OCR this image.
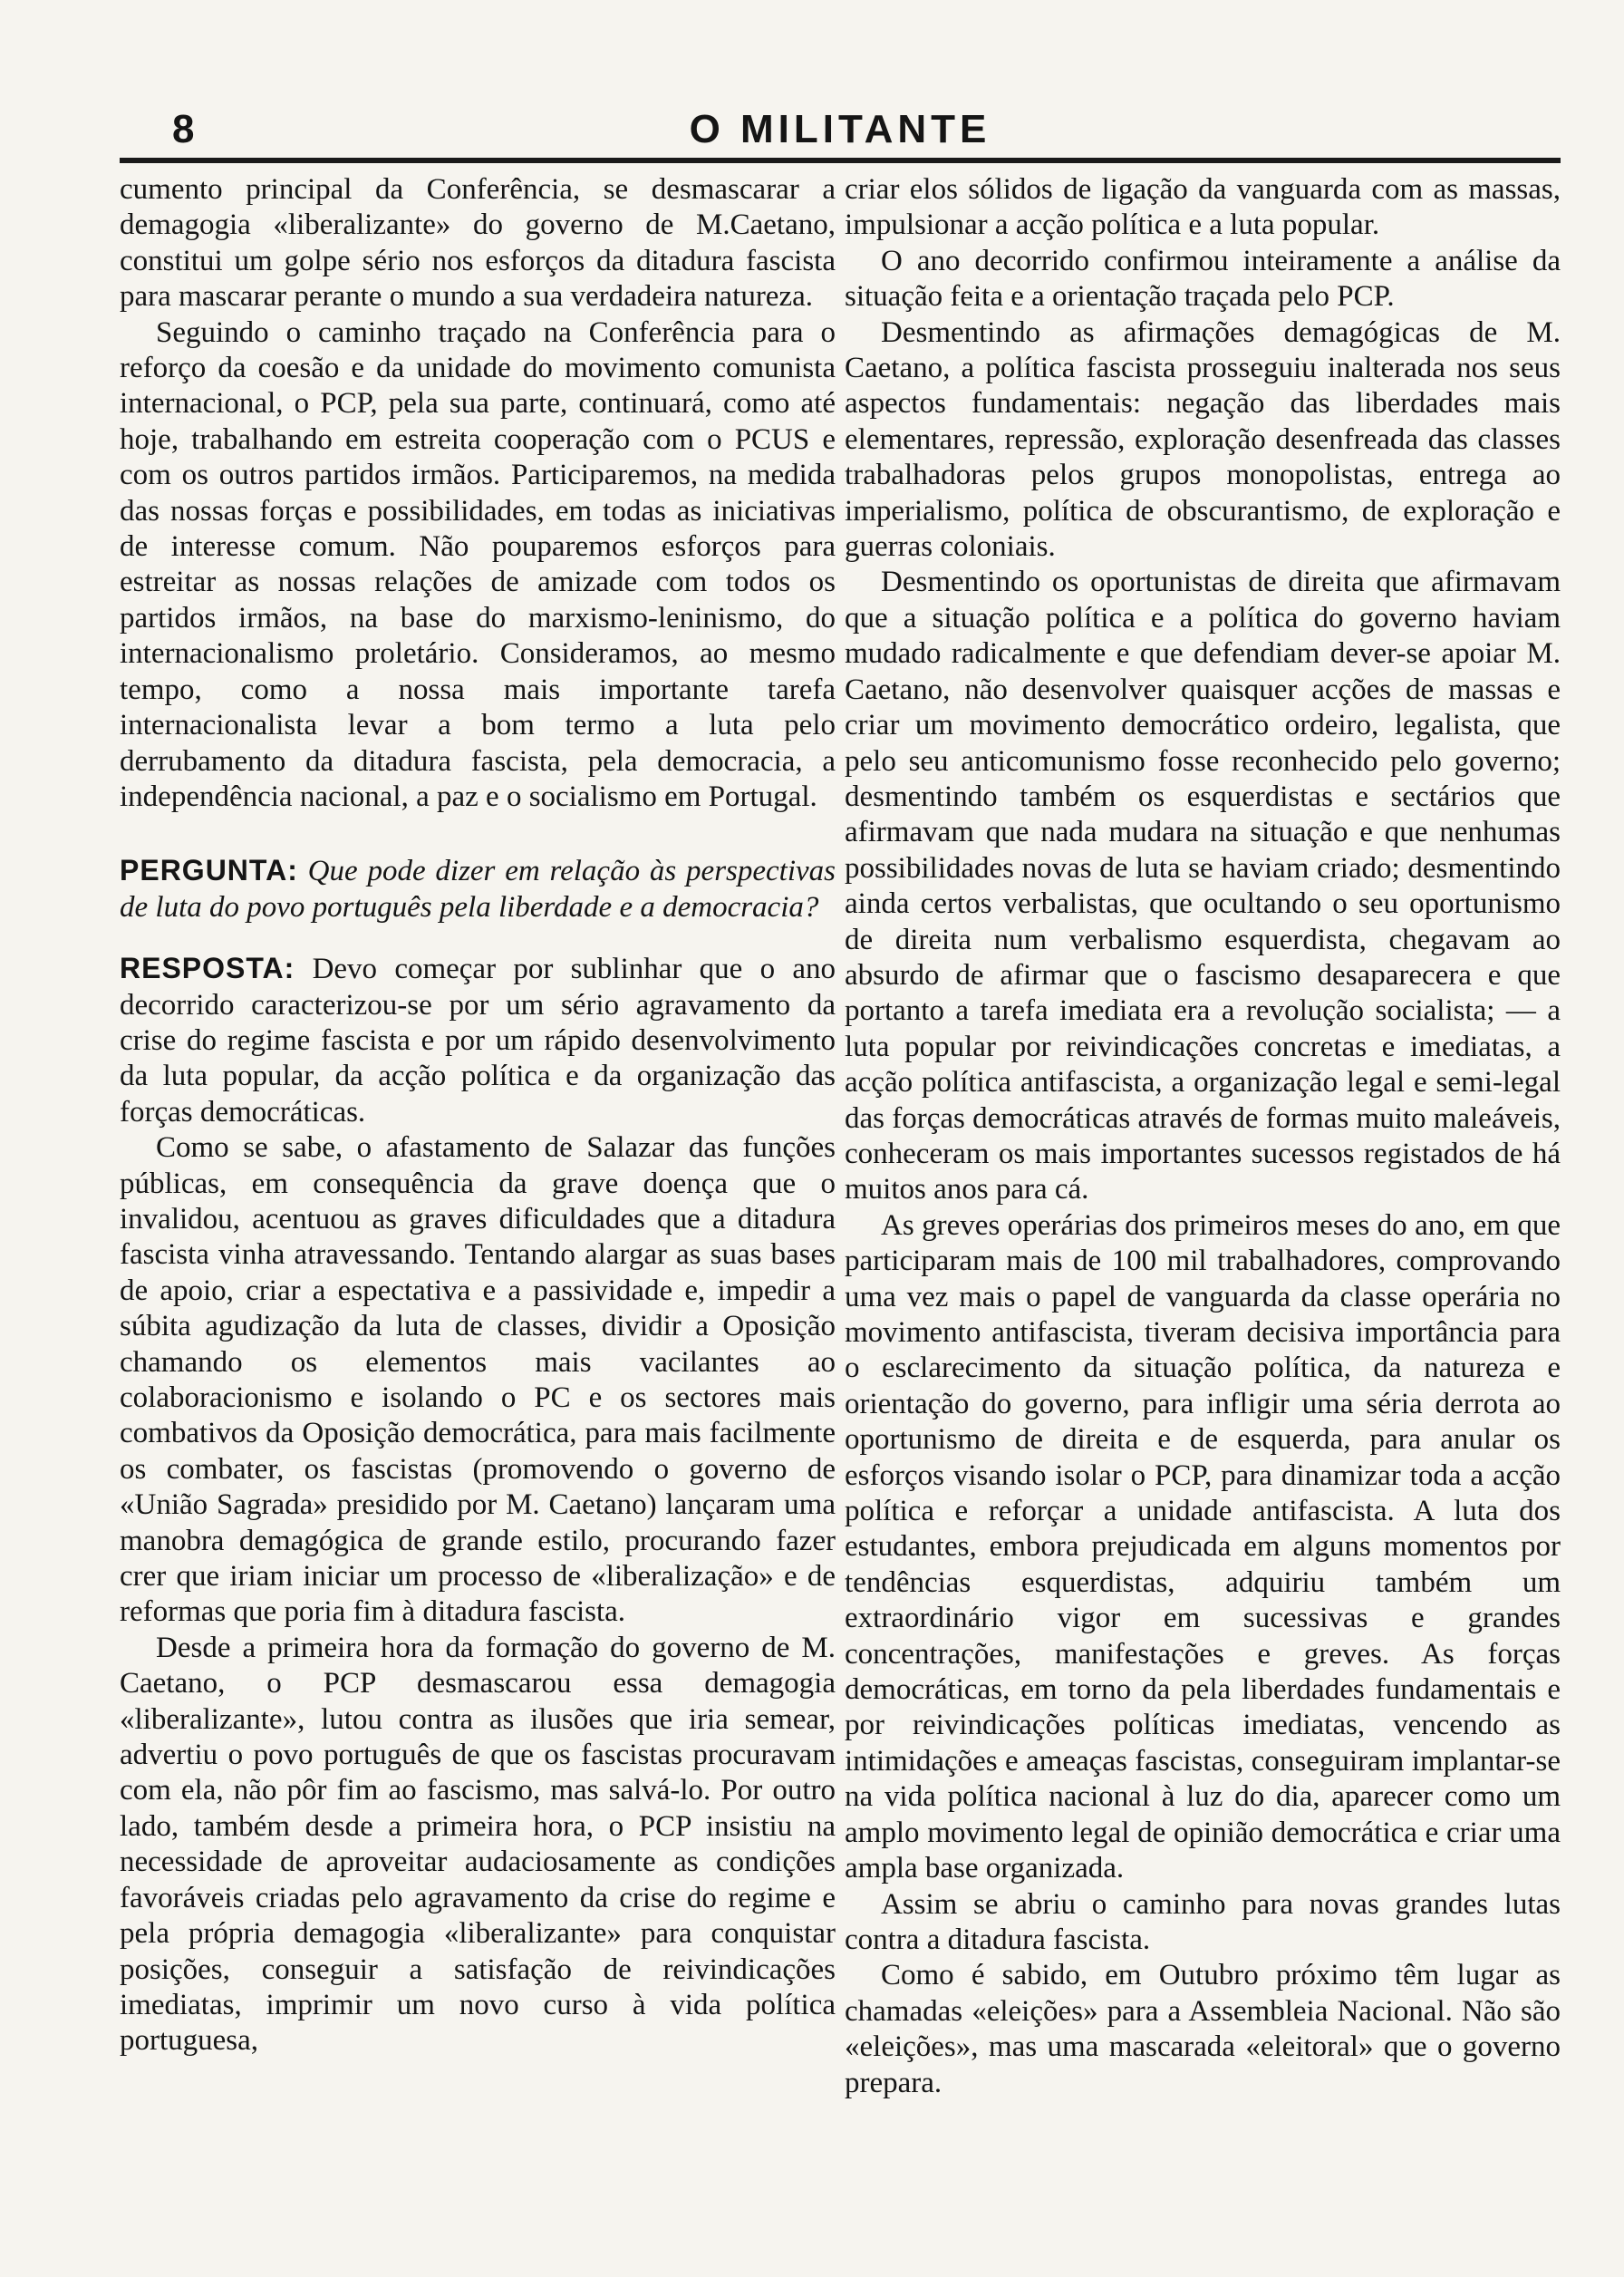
8	O MILITANTE

cumento principal da Conferência, se desmascarar a demagogia «liberalizante» do governo de M.Caetano, constitui um golpe sério nos esforços da ditadura fascista para mascarar perante o mundo a sua verdadeira natureza.

Seguindo o caminho traçado na Conferência para o reforço da coesão e da unidade do movimento comunista internacional, o PCP, pela sua parte, continuará, como até hoje, trabalhando em estreita cooperação com o PCUS e com os outros partidos irmãos. Participaremos, na medida das nossas forças e possibilidades, em todas as iniciativas de interesse comum. Não pouparemos esforços para estreitar as nossas relações de amizade com todos os partidos irmãos, na base do marxismo-leninismo, do internacionalismo proletário. Consideramos, ao mesmo tempo, como a nossa mais importante tarefa internacionalista levar a bom termo a luta pelo derrubamento da ditadura fascista, pela democracia, a independência nacional, a paz e o socialismo em Portugal.

PERGUNTA: Que pode dizer em relação às perspectivas de luta do povo português pela liberdade e a democracia?
RESPOSTA: Devo começar por sublinhar que o ano decorrido caracterizou-se por um sério agravamento da crise do regime fascista e por um rápido desenvolvimento da luta popular, da acção política e da organização das forças democráticas.

Como se sabe, o afastamento de Salazar das funções públicas, em consequência da grave doença que o invalidou, acentuou as graves dificuldades que a ditadura fascista vinha atravessando. Tentando alargar as suas bases de apoio, criar a espectativa e a passividade e, impedir a súbita agudização da luta de classes, dividir a Oposição chamando os elementos mais vacilantes ao colaboracionismo e isolando o PC e os sectores mais combativos da Oposição democrática, para mais facilmente os combater, os fascistas (promovendo o governo de «União Sagrada» presidido por M. Caetano) lançaram uma manobra demagógica de grande estilo, procurando fazer crer que iriam iniciar um processo de «liberalização» e de reformas que poria fim à ditadura fascista.

Desde a primeira hora da formação do governo de M. Caetano, o PCP desmascarou essa demagogia «liberalizante», lutou contra as ilusões que iria semear, advertiu o povo português de que os fascistas procuravam com ela, não pôr fim ao fascismo, mas salvá-lo. Por outro lado, também desde a primeira hora, o PCP insistiu na necessidade de aproveitar audaciosamente as condições favoráveis criadas pelo agravamento da crise do regime e pela própria demagogia «liberalizante» para conquistar posições, conseguir a satisfação de reivindicações imediatas, imprimir um novo curso à vida política portuguesa,

criar elos sólidos de ligação da vanguarda com as massas, impulsionar a acção política e a luta popular.

O ano decorrido confirmou inteiramente a análise da situação feita e a orientação traçada pelo PCP.

Desmentindo as afirmações demagógicas de M. Caetano, a política fascista prosseguiu inalterada nos seus aspectos fundamentais: negação das liberdades mais elementares, repressão, exploração desenfreada das classes trabalhadoras pelos grupos monopolistas, entrega ao imperialismo, política de obscurantismo, de exploração e guerras coloniais.

Desmentindo os oportunistas de direita que afirmavam que a situação política e a política do governo haviam mudado radicalmente e que defendiam dever-se apoiar M. Caetano, não desenvolver quaisquer acções de massas e criar um movimento democrático ordeiro, legalista, que pelo seu anticomunismo fosse reconhecido pelo governo; desmentindo também os esquerdistas e sectários que afirmavam que nada mudara na situação e que nenhumas possibilidades novas de luta se haviam criado; desmentindo ainda certos verbalistas, que ocultando o seu oportunismo de direita num verbalismo esquerdista, chegavam ao absurdo de afirmar que o fascismo desaparecera e que portanto a tarefa imediata era a revolução socialista; — a luta popular por reivindicações concretas e imediatas, a acção política antifascista, a organização legal e semi-legal das forças democráticas através de formas muito maleáveis, conheceram os mais importantes sucessos registados de há muitos anos para cá.

As greves operárias dos primeiros meses do ano, em que participaram mais de 100 mil trabalhadores, comprovando uma vez mais o papel de vanguarda da classe operária no movimento antifascista, tiveram decisiva importância para o esclarecimento da situação política, da natureza e orientação do governo, para infligir uma séria derrota ao oportunismo de direita e de esquerda, para anular os esforços visando isolar o PCP, para dinamizar toda a acção política e reforçar a unidade antifascista. A luta dos estudantes, embora prejudicada em alguns momentos por tendências esquerdistas, adquiriu também um extraordinário vigor em sucessivas e grandes concentrações, manifestações e greves. As forças democráticas, em torno da pela liberdades fundamentais e por reivindicações políticas imediatas, vencendo as intimidações e ameaças fascistas, conseguiram implantar-se na vida política nacional à luz do dia, aparecer como um amplo movimento legal de opinião democrática e criar uma ampla base organizada.

Assim se abriu o caminho para novas grandes lutas contra a ditadura fascista.

Como é sabido, em Outubro próximo têm lugar as chamadas «eleições» para a Assembleia Nacional. Não são «eleições», mas uma mascarada «eleitoral» que o governo prepara.
